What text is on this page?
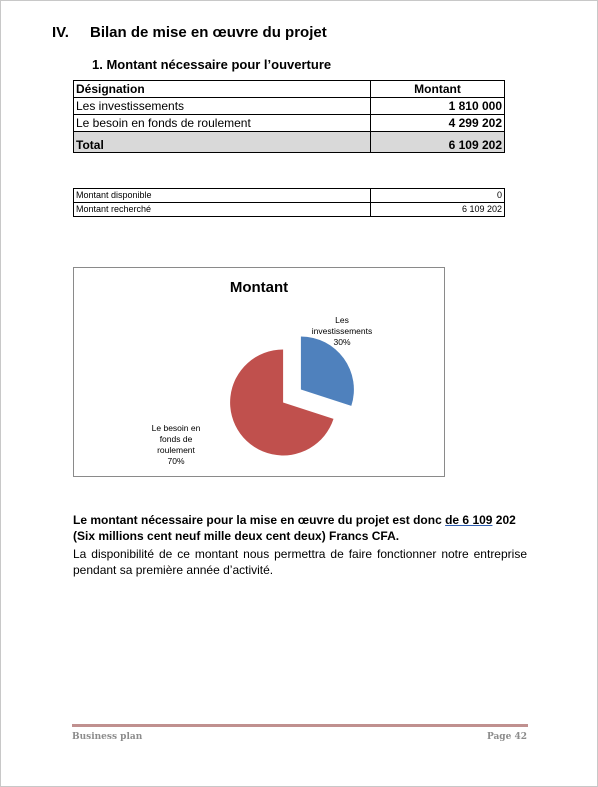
IV. Bilan de mise en œuvre du projet
1. Montant nécessaire pour l’ouverture
Désignation	Montant
Les investissements	1 810 000
Le besoin en fonds de roulement	4 299 202
Total	6 109 202
Montant disponible	0
Montant recherché	6 109 202
Montant
Les
investissements
30%
Le besoin en
fonds de
roulement
70%
Le montant nécessaire pour la mise en œuvre du projet est donc de 6 109 202 (Six millions cent neuf mille deux cent deux) Francs CFA.
La disponibilité de ce montant nous permettra de faire fonctionner notre entreprise pendant sa première année d’activité.
Business plan	Page 42
